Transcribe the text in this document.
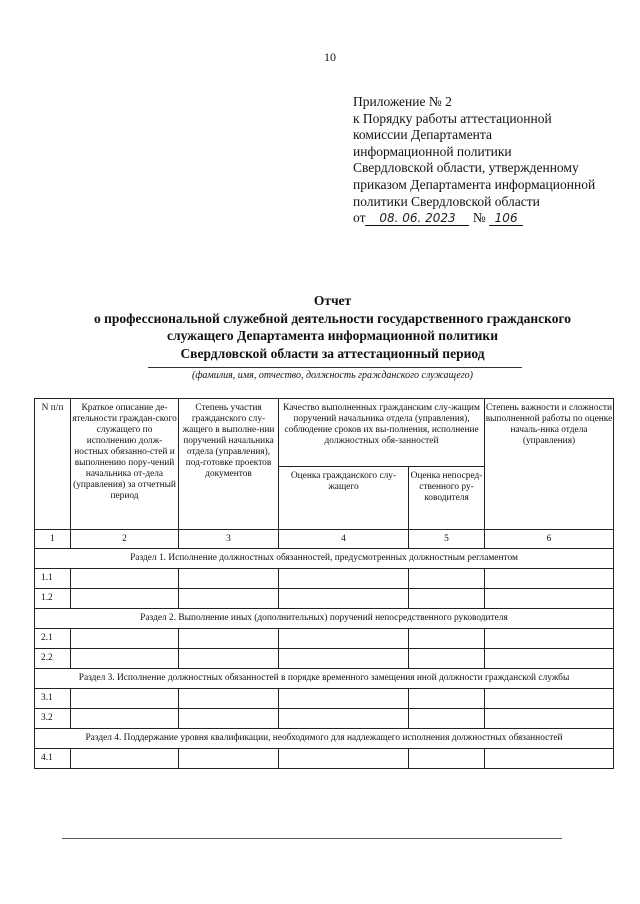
10
Приложение № 2
к Порядку работы аттестационной
комиссии Департамента
информационной политики
Свердловской области, утвержденному
приказом Департамента информационной
политики Свердловской области
от 08. 06. 2023 № 106
Отчет
о профессиональной служебной деятельности государственного гражданского
служащего Департамента информационной политики
Свердловской области за аттестационный период
(фамилия, имя, отчество, должность гражданского служащего)
N п/п	Краткое описание де-ятельности граждан-ского служащего по исполнению долж-ностных обязанно-стей и выполнению пору-чений начальника от-дела (управления) за отчетный период	Степень участия гражданского слу-жащего в выполне-нии поручений начальника отдела (управления), под-готовке проектов документов	Качество выполненных гражданским слу-жащим поручений начальника отдела (управления), соблюдение сроков их вы-полнения, исполнение должностных обя-занностей		Степень важности и сложности выполненной работы по оценке началь-ника отдела (управления)
			Оценка гражданского слу-жащего	Оценка непосред-ственного ру-ководителя	
1	2	3	4	5	6
Раздел 1. Исполнение должностных обязанностей, предусмотренных должностным регламентом					
1.1					
1.2					
Раздел 2. Выполнение иных (дополнительных) поручений непосредственного руководителя					
2.1					
2.2					
Раздел 3. Исполнение должностных обязанностей в порядке временного замещения иной должности гражданской службы					
3.1					
3.2					
Раздел 4. Поддержание уровня квалификации, необходимого для надлежащего исполнения должностных обязанностей					
4.1					
